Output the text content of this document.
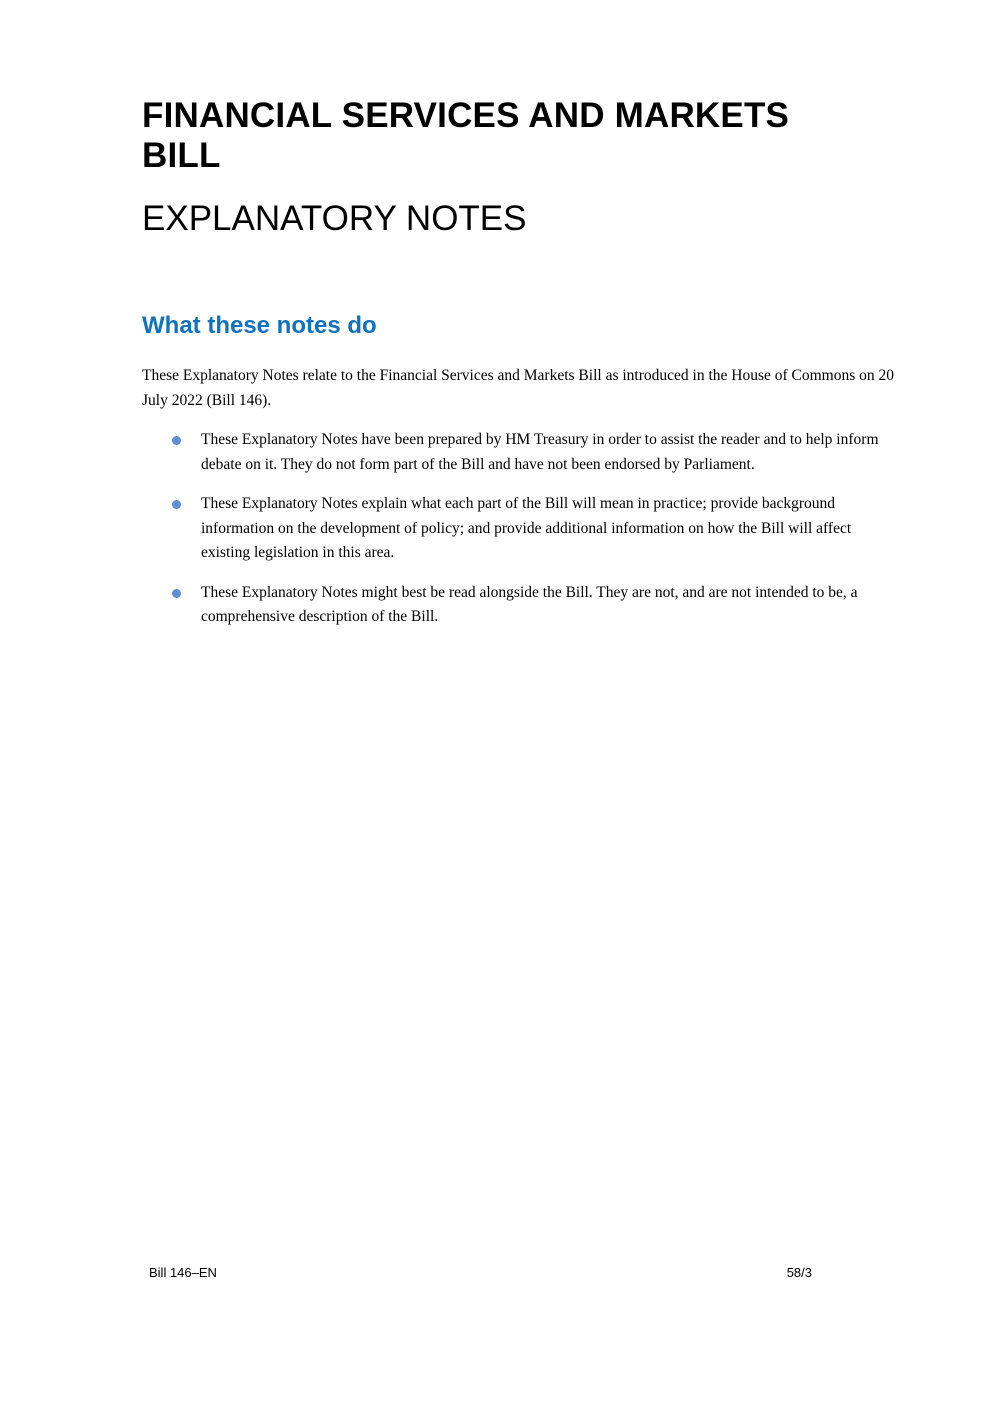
FINANCIAL SERVICES AND MARKETS BILL
EXPLANATORY NOTES
What these notes do

These Explanatory Notes relate to the Financial Services and Markets Bill as introduced in the House of Commons on 20 July 2022 (Bill 146).

These Explanatory Notes have been prepared by HM Treasury in order to assist the reader and to help inform debate on it. They do not form part of the Bill and have not been endorsed by Parliament.
These Explanatory Notes explain what each part of the Bill will mean in practice; provide background information on the development of policy; and provide additional information on how the Bill will affect existing legislation in this area.
These Explanatory Notes might best be read alongside the Bill. They are not, and are not intended to be, a comprehensive description of the Bill.
Bill 146–EN	58/3
